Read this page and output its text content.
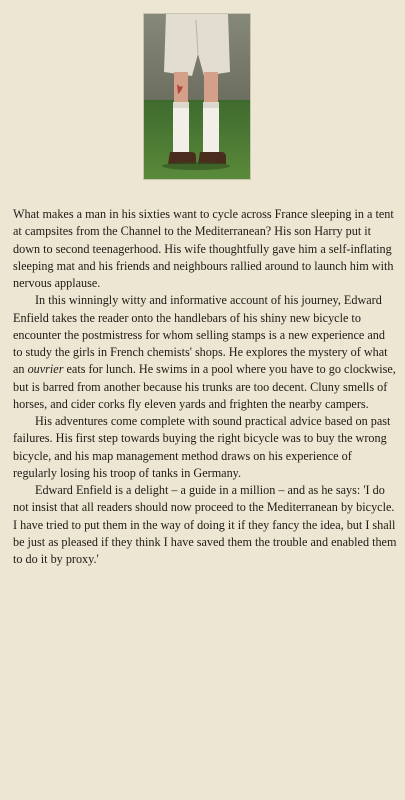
What makes a man in his sixties want to cycle across France sleeping in a tent at campsites from the Channel to the Mediterranean? His son Harry put it down to second teenagerhood. His wife thoughtfully gave him a self-inflating sleeping mat and his friends and neighbours rallied around to launch him with nervous applause.

In this winningly witty and informative account of his journey, Edward Enfield takes the reader onto the handlebars of his shiny new bicycle to encounter the postmistress for whom selling stamps is a new experience and to study the girls in French chemists' shops. He explores the mystery of what an ouvrier eats for lunch. He swims in a pool where you have to go clockwise, but is barred from another because his trunks are too decent. Cluny smells of horses, and cider corks fly eleven yards and frighten the nearby campers.

His adventures come complete with sound practical advice based on past failures. His first step towards buying the right bicycle was to buy the wrong bicycle, and his map management method draws on his experience of regularly losing his troop of tanks in Germany.

Edward Enfield is a delight – a guide in a million – and as he says: 'I do not insist that all readers should now proceed to the Mediterranean by bicycle. I have tried to put them in the way of doing it if they fancy the idea, but I shall be just as pleased if they think I have saved them the trouble and enabled them to do it by proxy.'
